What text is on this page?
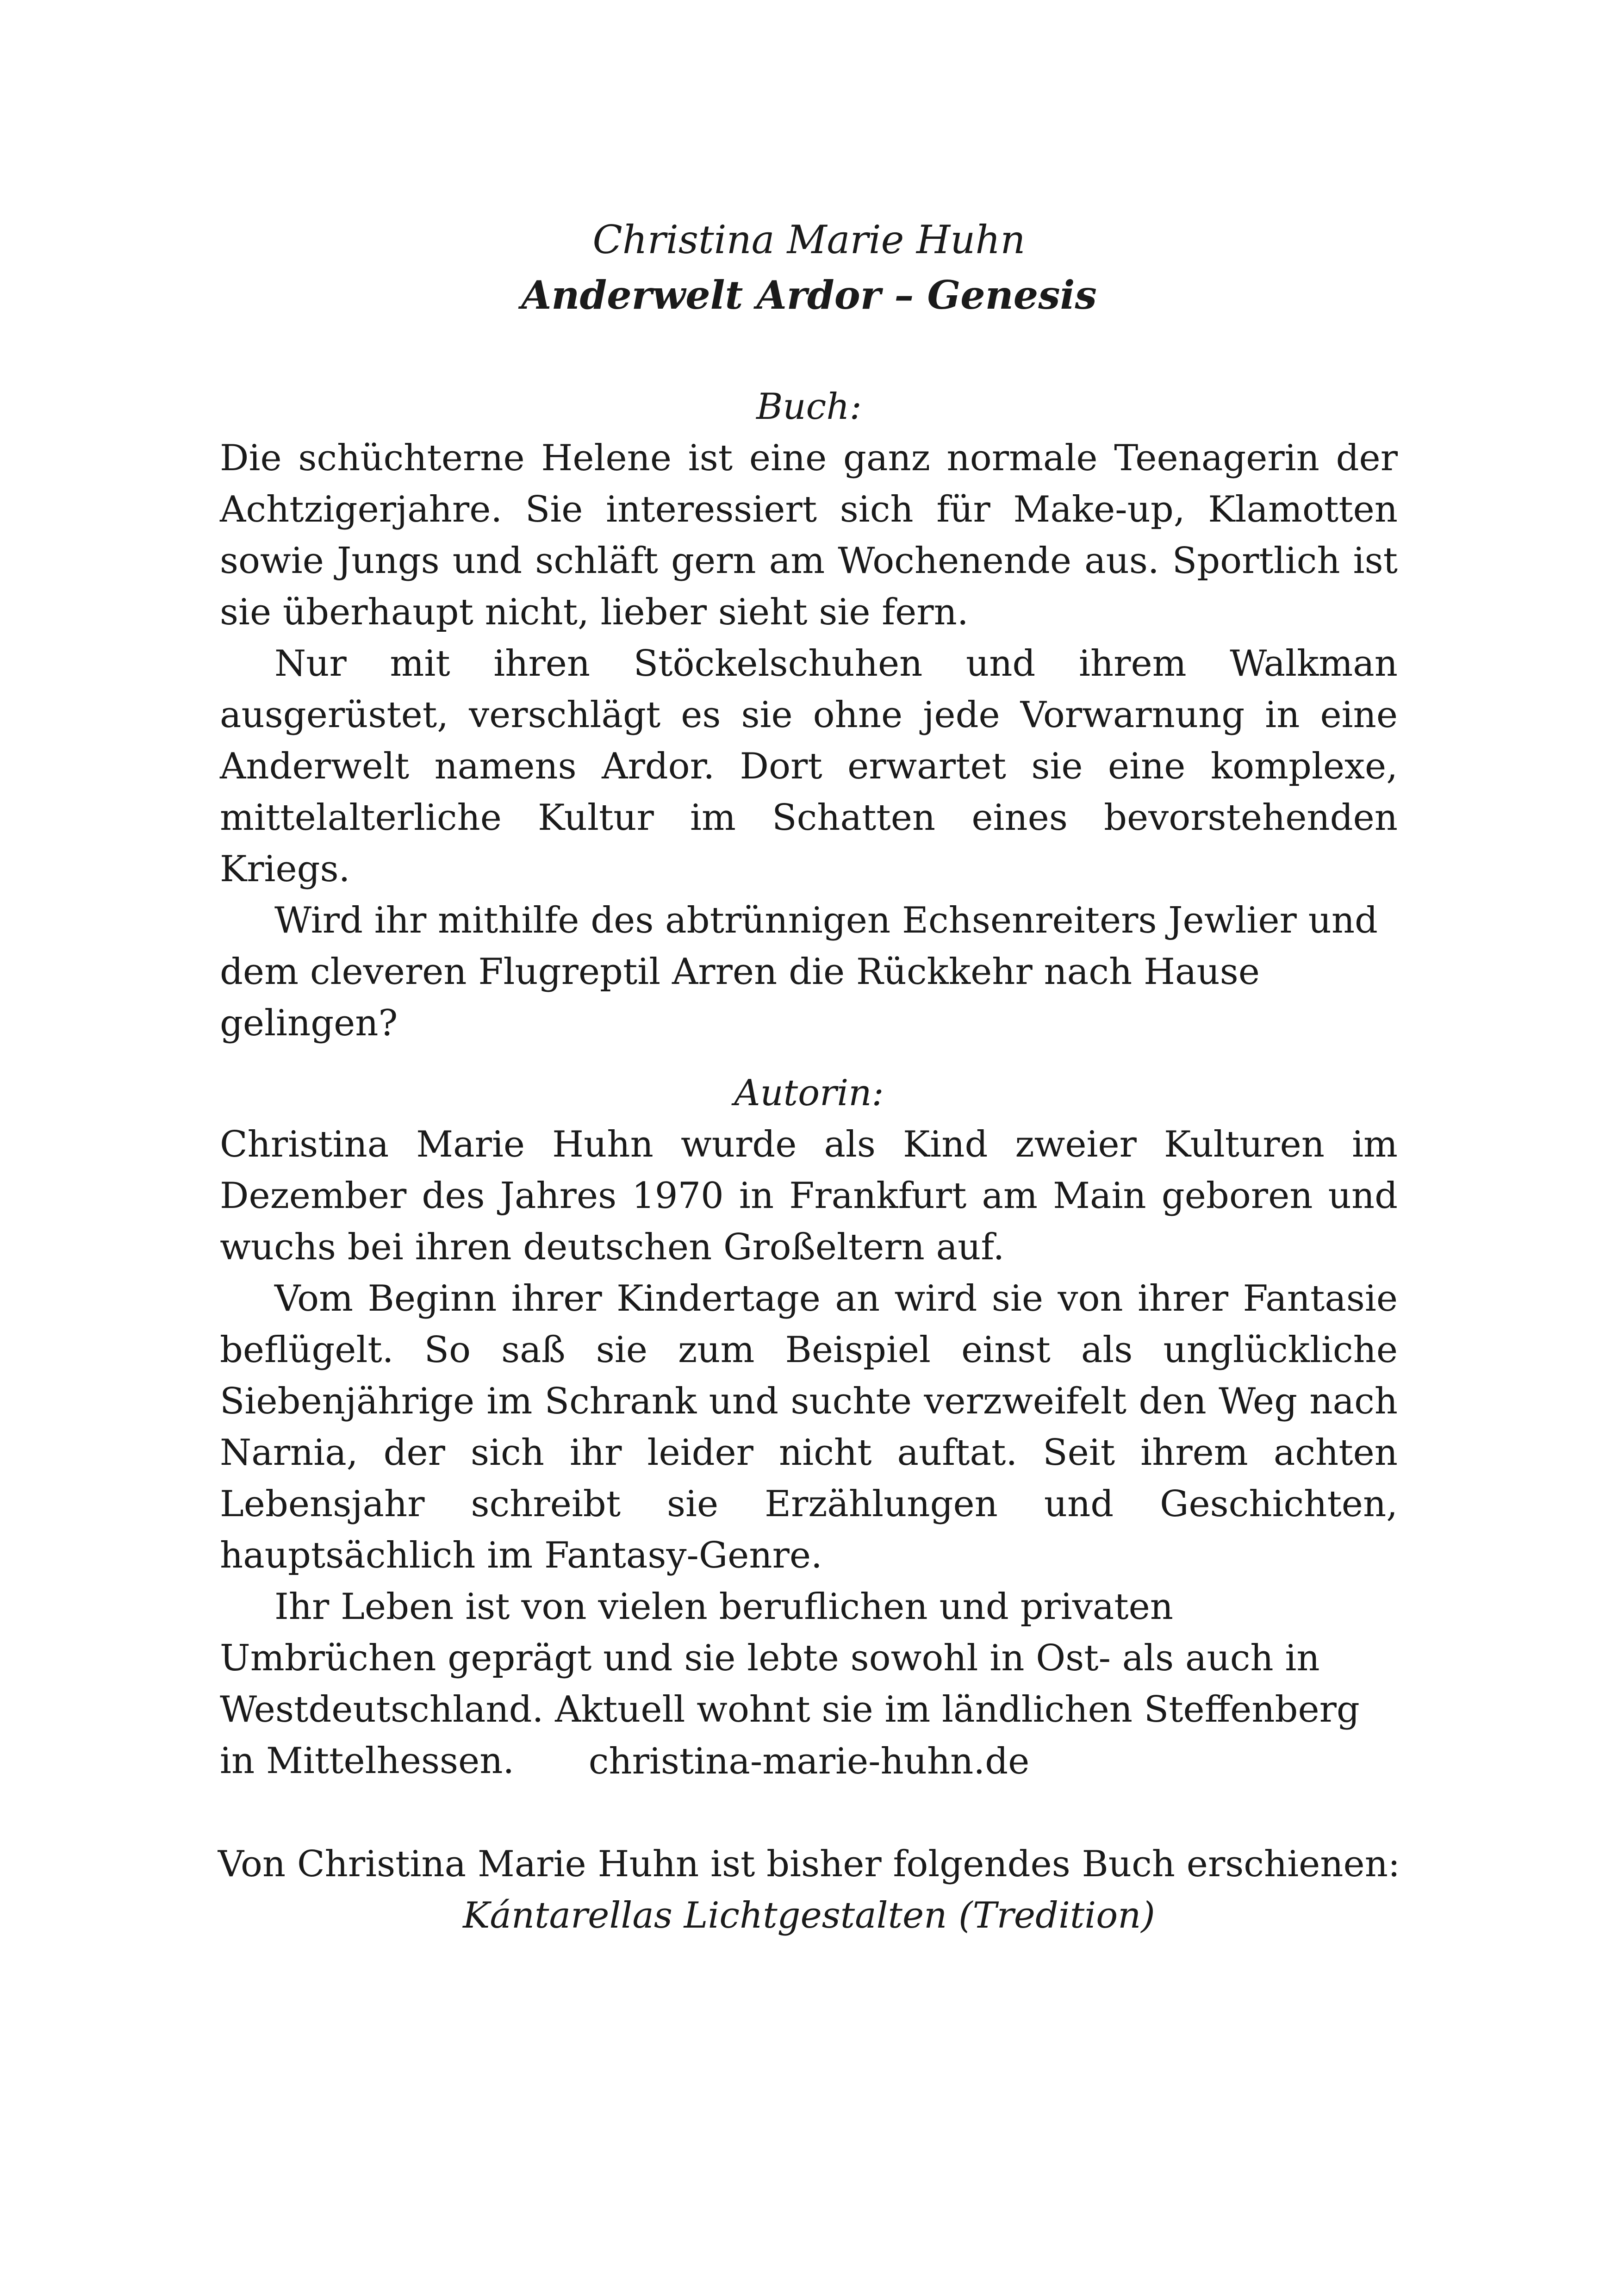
Christina Marie Huhn
Anderwelt Ardor – Genesis
Buch:

Die schüchterne Helene ist eine ganz normale Teenagerin der Achtzigerjahre. Sie interessiert sich für Make-up, Klamotten sowie Jungs und schläft gern am Wochenende aus. Sportlich ist sie überhaupt nicht, lieber sieht sie fern.

Nur mit ihren Stöckelschuhen und ihrem Walkman ausgerüstet, verschlägt es sie ohne jede Vorwarnung in eine Anderwelt namens Ardor. Dort erwartet sie eine komplexe, mittelalterliche Kultur im Schatten eines bevorstehenden Kriegs.

Wird ihr mithilfe des abtrünnigen Echsenreiters Jewlier und dem cleveren Flugreptil Arren die Rückkehr nach Hause gelingen?

Autorin:

Christina Marie Huhn wurde als Kind zweier Kulturen im Dezember des Jahres 1970 in Frankfurt am Main geboren und wuchs bei ihren deutschen Großeltern auf.

Vom Beginn ihrer Kindertage an wird sie von ihrer Fantasie beflügelt. So saß sie zum Beispiel einst als unglückliche Siebenjährige im Schrank und suchte verzweifelt den Weg nach Narnia, der sich ihr leider nicht auftat. Seit ihrem achten Lebensjahr schreibt sie Erzählungen und Geschichten, hauptsächlich im Fantasy-Genre.

Ihr Leben ist von vielen beruflichen und privaten Umbrüchen geprägt und sie lebte sowohl in Ost- als auch in Westdeutschland. Aktuell wohnt sie im ländlichen Steffenberg in Mittelhessen.	christina-marie-huhn.de
Von Christina Marie Huhn ist bisher folgendes Buch erschienen:
Kántarellas Lichtgestalten (Tredition)
